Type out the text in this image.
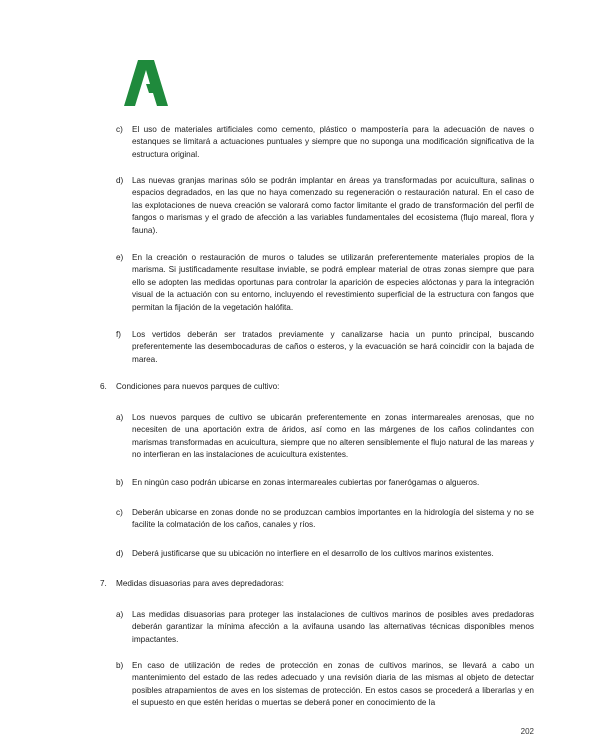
c) El uso de materiales artificiales como cemento, plástico o mampostería para la adecuación de naves o estanques se limitará a actuaciones puntuales y siempre que no suponga una modificación significativa de la estructura original.
d) Las nuevas granjas marinas sólo se podrán implantar en áreas ya transformadas por acuicultura, salinas o espacios degradados, en las que no haya comenzado su regeneración o restauración natural. En el caso de las explotaciones de nueva creación se valorará como factor limitante el grado de transformación del perfil de fangos o marismas y el grado de afección a las variables fundamentales del ecosistema (flujo mareal, flora y fauna).
e) En la creación o restauración de muros o taludes se utilizarán preferentemente materiales propios de la marisma. Si justificadamente resultase inviable, se podrá emplear material de otras zonas siempre que para ello se adopten las medidas oportunas para controlar la aparición de especies alóctonas y para la integración visual de la actuación con su entorno, incluyendo el revestimiento superficial de la estructura con fangos que permitan la fijación de la vegetación halófita.
f) Los vertidos deberán ser tratados previamente y canalizarse hacia un punto principal, buscando preferentemente las desembocaduras de caños o esteros, y la evacuación se hará coincidir con la bajada de marea.
6. Condiciones para nuevos parques de cultivo:
a) Los nuevos parques de cultivo se ubicarán preferentemente en zonas intermareales arenosas, que no necesiten de una aportación extra de áridos, así como en las márgenes de los caños colindantes con marismas transformadas en acuicultura, siempre que no alteren sensiblemente el flujo natural de las mareas y no interfieran en las instalaciones de acuicultura existentes.
b) En ningún caso podrán ubicarse en zonas intermareales cubiertas por fanerógamas o algueros.
c) Deberán ubicarse en zonas donde no se produzcan cambios importantes en la hidrología del sistema y no se facilite la colmatación de los caños, canales y ríos.
d) Deberá justificarse que su ubicación no interfiere en el desarrollo de los cultivos marinos existentes.
7. Medidas disuasorias para aves depredadoras:
a) Las medidas disuasorias para proteger las instalaciones de cultivos marinos de posibles aves predadoras deberán garantizar la mínima afección a la avifauna usando las alternativas técnicas disponibles menos impactantes.
b) En caso de utilización de redes de protección en zonas de cultivos marinos, se llevará a cabo un mantenimiento del estado de las redes adecuado y una revisión diaria de las mismas al objeto de detectar posibles atrapamientos de aves en los sistemas de protección. En estos casos se procederá a liberarlas y en el supuesto en que estén heridas o muertas se deberá poner en conocimiento de la
202
